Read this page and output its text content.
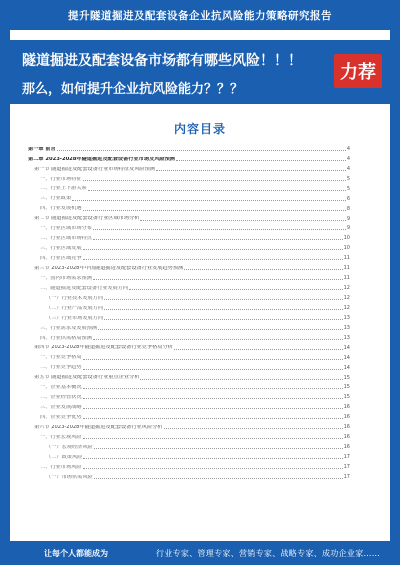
提升隧道掘进及配套设备企业抗风险能力策略研究报告
隧道掘进及配套设备市场都有哪些风险！！！
那么，如何提升企业抗风险能力？？？
力荐
内容目录
第一章 前言	4
第二章 2023-2028年隧道掘进及配套设备行业市场及风险预测	4
第一节 隧道掘进及配套设备行业市场特征及风险预测	4
一、行业市场特征	5
二、行业上下游关系	5
三、行业政策	6
四、行业发展机遇	8
第二节 隧道掘进及配套设备行业区域市场分析	9
一、行业区域市场分布	9
二、行业区域市场特点	10
三、行业区域发展	10
四、行业区域竞争	11
第三节 2023-2028年中国隧道掘进及配套设备行业发展趋势预测	11
一、国内市场需求预测	11
二、隧道掘进及配套设备行业发展方向	12
（一）行业技术发展方向	12
（二）行业产品发展方向	12
（三）行业市场发展方向	13
三、行业需求及发展预测	13
四、行业供需格局预测	13
第四节 2023-2028年隧道掘进及配套设备行业竞争格局分析	14
一、行业竞争格局	14
二、行业竞争趋势	14
第五节 隧道掘进及配套设备行业重点企业分析	15
一、企业基本概况	15
二、企业经营状况	15
三、企业发展战略	16
四、企业竞争优势	16
第六节 2023-2028年隧道掘进及配套设备行业风险分析	16
一、行业宏观风险	16
（一）宏观经济风险	16
（二）政策风险	17
二、行业市场风险	17
（一）市场供需风险	17
让每个人都能成为	行业专家、管理专家、营销专家、战略专家、成功企业家……
